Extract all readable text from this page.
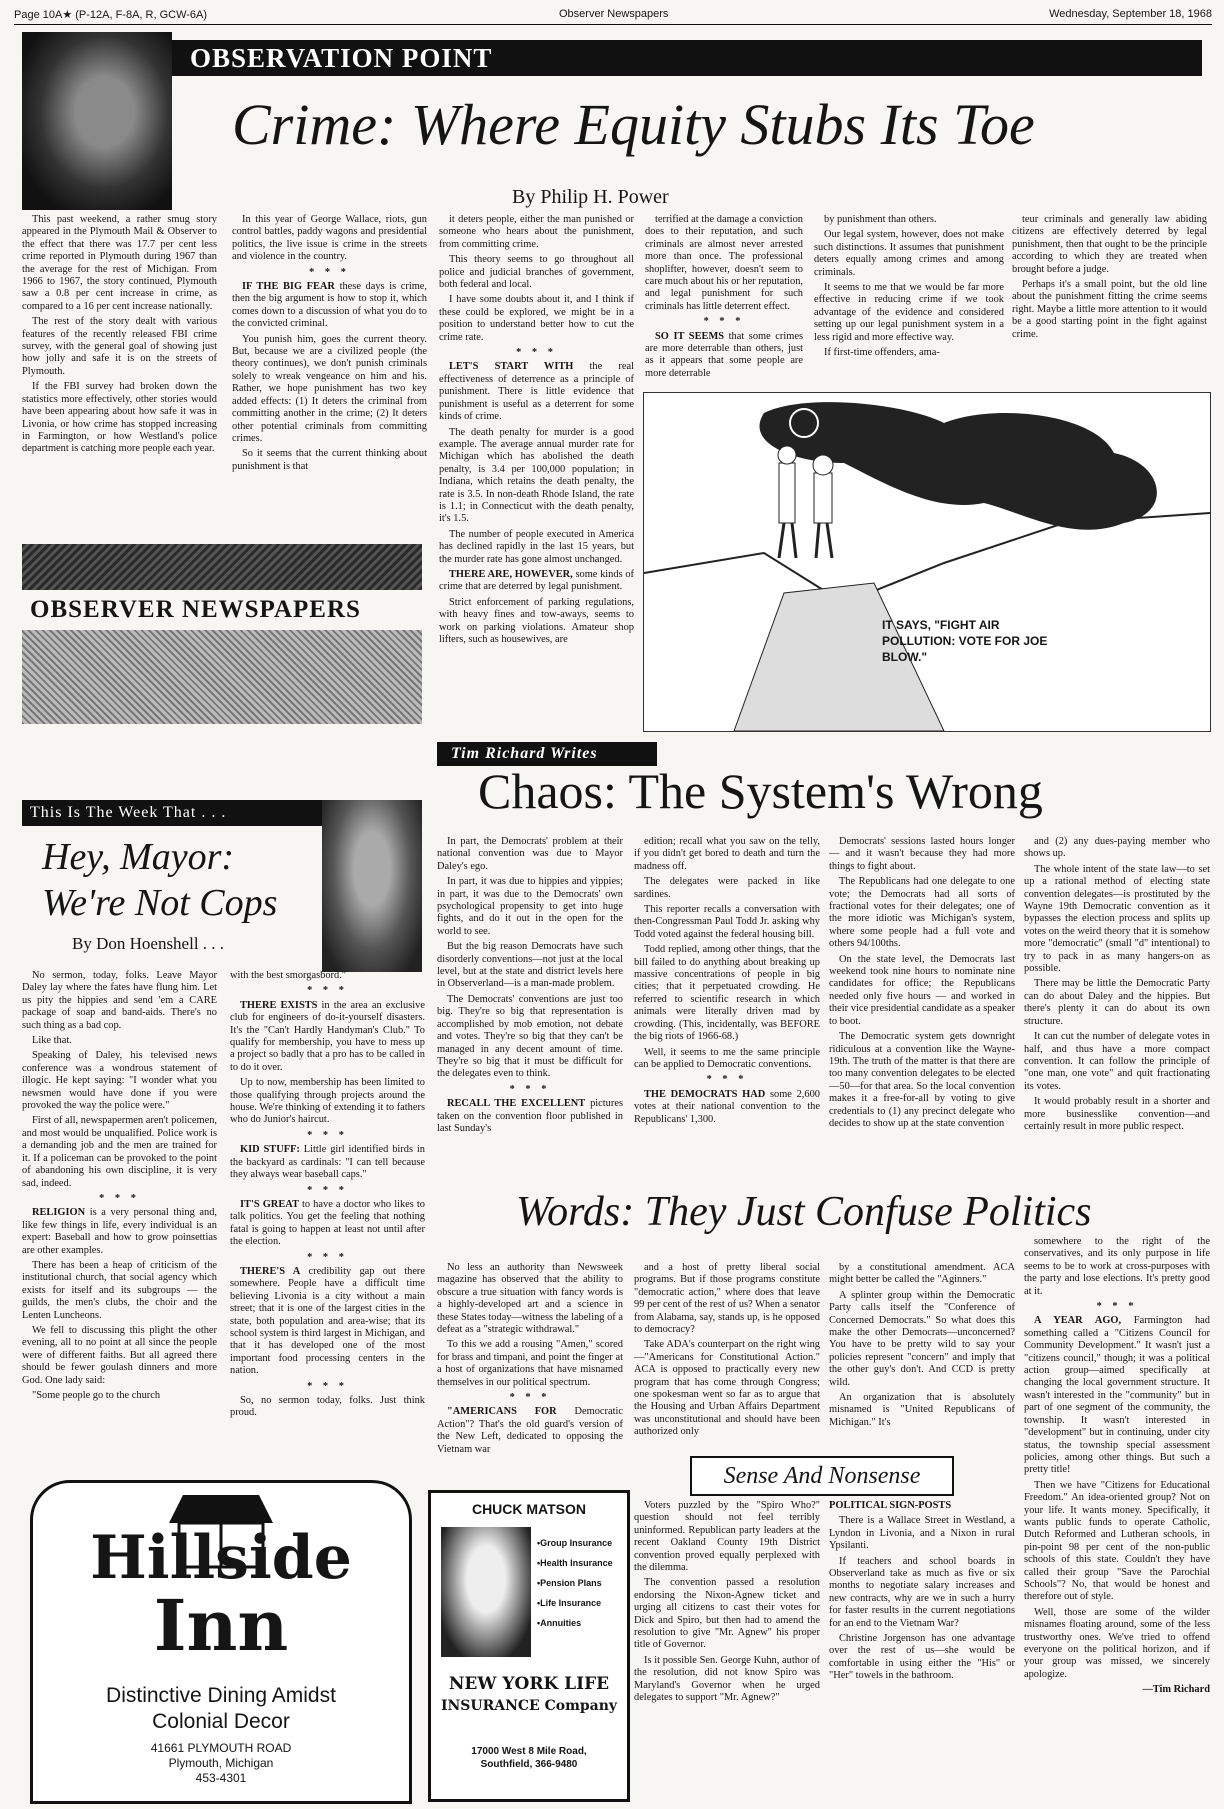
Page 10A★ (P-12A, F-8A, R, GCW-6A)	Observer Newspapers	Wednesday, September 18, 1968
OBSERVATION POINT
Crime: Where Equity Stubs Its Toe
By Philip H. Power

This past weekend, a rather smug story appeared in the Plymouth Mail & Observer to the effect that there was 17.7 per cent less crime reported in Plymouth during 1967 than the average for the rest of Michigan. From 1966 to 1967, the story continued, Plymouth saw a 0.8 per cent increase in crime, as compared to a 16 per cent increase nationally.

The rest of the story dealt with various features of the recently released FBI crime survey, with the general goal of showing just how jolly and safe it is on the streets of Plymouth.

If the FBI survey had broken down the statistics more effectively, other stories would have been appearing about how safe it was in Livonia, or how crime has stopped increasing in Farmington, or how Westland's police department is catching more people each year.

In this year of George Wallace, riots, gun control battles, paddy wagons and presidential politics, the live issue is crime in the streets and violence in the country.

* * *

IF THE BIG FEAR these days is crime, then the big argument is how to stop it, which comes down to a discussion of what you do to the convicted criminal.

You punish him, goes the current theory. But, because we are a civilized people (the theory continues), we don't punish criminals solely to wreak vengeance on him and his. Rather, we hope punishment has two key added effects: (1) It deters the criminal from committing another in the crime; (2) It deters other potential criminals from committing crimes.

So it seems that the current thinking about punishment is that

it deters people, either the man punished or someone who hears about the punishment, from committing crime.

This theory seems to go throughout all police and judicial branches of government, both federal and local.

I have some doubts about it, and I think if these could be explored, we might be in a position to understand better how to cut the crime rate.

* * *

LET'S START WITH the real effectiveness of deterrence as a principle of punishment. There is little evidence that punishment is useful as a deterrent for some kinds of crime.

The death penalty for murder is a good example. The average annual murder rate for Michigan which has abolished the death penalty, is 3.4 per 100,000 population; in Indiana, which retains the death penalty, the rate is 3.5. In non-death Rhode Island, the rate is 1.1; in Connecticut with the death penalty, it's 1.5.

The number of people executed in America has declined rapidly in the last 15 years, but the murder rate has gone almost unchanged.

THERE ARE, HOWEVER, some kinds of crime that are deterred by legal punishment.

Strict enforcement of parking regulations, with heavy fines and tow-aways, seems to work on parking violations. Amateur shop lifters, such as housewives, are

terrified at the damage a conviction does to their reputation, and such criminals are almost never arrested more than once. The professional shoplifter, however, doesn't seem to care much about his or her reputation, and legal punishment for such criminals has little deterrent effect.

* * *

SO IT SEEMS that some crimes are more deterrable than others, just as it appears that some people are more deterrable

by punishment than others.

Our legal system, however, does not make such distinctions. It assumes that punishment deters equally among crimes and among criminals.

It seems to me that we would be far more effective in reducing crime if we took advantage of the evidence and considered setting up our legal punishment system in a less rigid and more effective way.

If first-time offenders, ama-

teur criminals and generally law abiding citizens are effectively deterred by legal punishment, then that ought to be the principle according to which they are treated when brought before a judge.

Perhaps it's a small point, but the old line about the punishment fitting the crime seems right. Maybe a little more attention to it would be a good starting point in the fight against crime.

IT SAYS, "FIGHT AIR POLLUTION: VOTE FOR JOE BLOW."
OBSERVER NEWSPAPERS
Tim Richard Writes
Chaos: The System's Wrong
This Is The Week That . . .
Hey, Mayor:
We're Not Cops
By Don Hoenshell . . .

No sermon, today, folks. Leave Mayor Daley lay where the fates have flung him. Let us pity the hippies and send 'em a CARE package of soap and band-aids. There's no such thing as a bad cop.

Like that.

Speaking of Daley, his televised news conference was a wondrous statement of illogic. He kept saying: "I wonder what you newsmen would have done if you were provoked the way the police were."

First of all, newspapermen aren't policemen, and most would be unqualified. Police work is a demanding job and the men are trained for it. If a policeman can be provoked to the point of abandoning his own discipline, it is very sad, indeed.

* * *

RELIGION is a very personal thing and, like few things in life, every individual is an expert: Baseball and how to grow poinsettias are other examples.

There has been a heap of criticism of the institutional church, that social agency which exists for itself and its subgroups — the guilds, the men's clubs, the choir and the Lenten Luncheons.

We fell to discussing this plight the other evening, all to no point at all since the people were of different faiths. But all agreed there should be fewer goulash dinners and more God. One lady said:

"Some people go to the church

with the best smorgasbord."

* * *

THERE EXISTS in the area an exclusive club for engineers of do-it-yourself disasters. It's the "Can't Hardly Handyman's Club." To qualify for membership, you have to mess up a project so badly that a pro has to be called in to do it over.

Up to now, membership has been limited to those qualifying through projects around the house. We're thinking of extending it to fathers who do Junior's haircut.

* * *

KID STUFF: Little girl identified birds in the backyard as cardinals: "I can tell because they always wear baseball caps."

* * *

IT'S GREAT to have a doctor who likes to talk politics. You get the feeling that nothing fatal is going to happen at least not until after the election.

* * *

THERE'S A credibility gap out there somewhere. People have a difficult time believing Livonia is a city without a main street; that it is one of the largest cities in the state, both population and area-wise; that its school system is third largest in Michigan, and that it has developed one of the most important food processing centers in the nation.

* * *

So, no sermon today, folks. Just think proud.

In part, the Democrats' problem at their national convention was due to Mayor Daley's ego.

In part, it was due to hippies and yippies; in part, it was due to the Democrats' own psychological propensity to get into huge fights, and do it out in the open for the world to see.

But the big reason Democrats have such disorderly conventions—not just at the local level, but at the state and district levels here in Observerland—is a man-made problem.

The Democrats' conventions are just too big. They're so big that representation is accomplished by mob emotion, not debate and votes. They're so big that they can't be managed in any decent amount of time. They're so big that it must be difficult for the delegates even to think.

* * *

RECALL THE EXCELLENT pictures taken on the convention floor published in last Sunday's

edition; recall what you saw on the telly, if you didn't get bored to death and turn the madness off.

The delegates were packed in like sardines.

This reporter recalls a conversation with then-Congressman Paul Todd Jr. asking why Todd voted against the federal housing bill.

Todd replied, among other things, that the bill failed to do anything about breaking up massive concentrations of people in big cities; that it perpetuated crowding. He referred to scientific research in which animals were literally driven mad by crowding. (This, incidentally, was BEFORE the big riots of 1966-68.)

Well, it seems to me the same principle can be applied to Democratic conventions.

* * *

THE DEMOCRATS HAD some 2,600 votes at their national convention to the Republicans' 1,300.

Democrats' sessions lasted hours longer — and it wasn't because they had more things to fight about.

The Republicans had one delegate to one vote; the Democrats had all sorts of fractional votes for their delegates; one of the more idiotic was Michigan's system, where some people had a full vote and others 94/100ths.

On the state level, the Democrats last weekend took nine hours to nominate nine candidates for office; the Republicans needed only five hours — and worked in their vice presidential candidate as a speaker to boot.

The Democratic system gets downright ridiculous at a convention like the Wayne-19th. The truth of the matter is that there are too many convention delegates to be elected—50—for that area. So the local convention makes it a free-for-all by voting to give credentials to (1) any precinct delegate who decides to show up at the state convention

and (2) any dues-paying member who shows up.

The whole intent of the state law—to set up a rational method of electing state convention delegates—is prostituted by the Wayne 19th Democratic convention as it bypasses the election process and splits up votes on the weird theory that it is somehow more "democratic" (small "d" intentional) to try to pack in as many hangers-on as possible.

There may be little the Democratic Party can do about Daley and the hippies. But there's plenty it can do about its own structure.

It can cut the number of delegate votes in half, and thus have a more compact convention. It can follow the principle of "one man, one vote" and quit fractionating its votes.

It would probably result in a shorter and more businesslike convention—and certainly result in more public respect.

Words: They Just Confuse Politics

No less an authority than Newsweek magazine has observed that the ability to obscure a true situation with fancy words is a highly-developed art and a science in these States today—witness the labeling of a defeat as a "strategic withdrawal."

To this we add a rousing "Amen," scored for brass and timpani, and point the finger at a host of organizations that have misnamed themselves in our political spectrum.

* * *

"AMERICANS FOR Democratic Action"? That's the old guard's version of the New Left, dedicated to opposing the Vietnam war

and a host of pretty liberal social programs. But if those programs constitute "democratic action," where does that leave 99 per cent of the rest of us? When a senator from Alabama, say, stands up, is he opposed to democracy?

Take ADA's counterpart on the right wing—"Americans for Constitutional Action." ACA is opposed to practically every new program that has come through Congress; one spokesman went so far as to argue that the Housing and Urban Affairs Department was unconstitutional and should have been authorized only

by a constitutional amendment. ACA might better be called the "Aginners."

A splinter group within the Democratic Party calls itself the "Conference of Concerned Democrats." So what does this make the other Democrats—unconcerned? You have to be pretty wild to say your policies represent "concern" and imply that the other guy's don't. And CCD is pretty wild.

An organization that is absolutely misnamed is "United Republicans of Michigan." It's

somewhere to the right of the conservatives, and its only purpose in life seems to be to work at cross-purposes with the party and lose elections. It's pretty good at it.

* * *

A YEAR AGO, Farmington had something called a "Citizens Council for Community Development." It wasn't just a "citizens council," though; it was a political action group—aimed specifically at changing the local government structure. It wasn't interested in the "community" but in part of one segment of the community, the township. It wasn't interested in "development" but in continuing, under city status, the township special assessment policies, among other things. But such a pretty title!

Then we have "Citizens for Educational Freedom." An idea-oriented group? Not on your life. It wants money. Specifically, it wants public funds to operate Catholic, Dutch Reformed and Lutheran schools, in pin-point 98 per cent of the non-public schools of this state. Couldn't they have called their group "Save the Parochial Schools"? No, that would be honest and therefore out of style.

Well, those are some of the wilder misnames floating around, some of the less trustworthy ones. We've tried to offend everyone on the political horizon, and if your group was missed, we sincerely apologize.

—Tim Richard

Sense And Nonsense

Voters puzzled by the "Spiro Who?" question should not feel terribly uninformed. Republican party leaders at the recent Oakland County 19th District convention proved equally perplexed with the dilemma.

The convention passed a resolution endorsing the Nixon-Agnew ticket and urging all citizens to cast their votes for Dick and Spiro, but then had to amend the resolution to give "Mr. Agnew" his proper title of Governor.

Is it possible Sen. George Kuhn, author of the resolution, did not know Spiro was Maryland's Governor when he urged delegates to support "Mr. Agnew?"

POLITICAL SIGN-POSTS

There is a Wallace Street in Westland, a Lyndon in Livonia, and a Nixon in rural Ypsilanti.

If teachers and school boards in Observerland take as much as five or six months to negotiate salary increases and new contracts, why are we in such a hurry for faster results in the current negotiations for an end to the Vietnam War?

Christine Jorgenson has one advantage over the rest of us—she would be comfortable in using either the "His" or "Her" towels in the bathroom.

Hillside
Inn
Distinctive Dining Amidst
Colonial Decor
41661 PLYMOUTH ROAD
Plymouth, Michigan
453-4301
CHUCK MATSON
•Group Insurance
•Health Insurance
•Pension Plans
•Life Insurance
•Annuities
NEW YORK LIFE
INSURANCE Company
17000 West 8 Mile Road,
Southfield, 366-9480
